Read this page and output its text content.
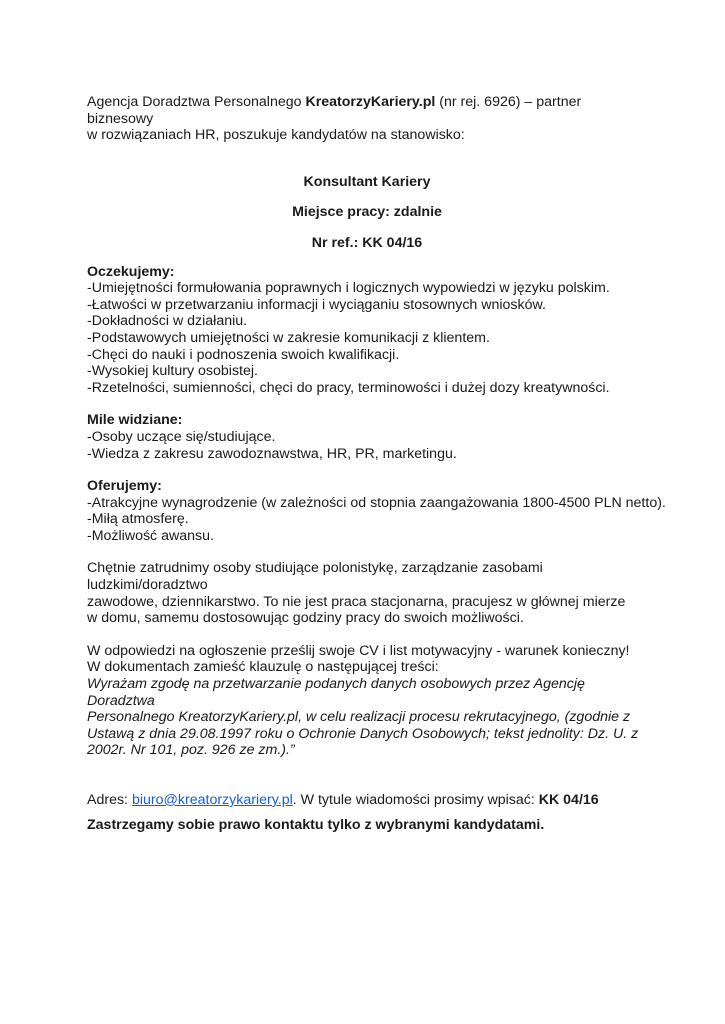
Agencja Doradztwa Personalnego KreatorzyKariery.pl (nr rej. 6926) – partner biznesowy
w rozwiązaniach HR, poszukuje kandydatów na stanowisko:

Konsultant Kariery

Miejsce pracy: zdalnie

Nr ref.: KK 04/16

Oczekujemy:

-Umiejętności formułowania poprawnych i logicznych wypowiedzi w języku polskim.

-Łatwości w przetwarzaniu informacji i wyciąganiu stosownych wniosków.

-Dokładności w działaniu.

-Podstawowych umiejętności w zakresie komunikacji z klientem.

-Chęci do nauki i podnoszenia swoich kwalifikacji.

-Wysokiej kultury osobistej.

-Rzetelności, sumienności, chęci do pracy, terminowości i dużej dozy kreatywności.

Mile widziane:

-Osoby uczące się/studiujące.

-Wiedza z zakresu zawodoznawstwa, HR, PR, marketingu.

Oferujemy:

-Atrakcyjne wynagrodzenie (w zależności od stopnia zaangażowania 1800-4500 PLN netto).

-Miłą atmosferę.

-Możliwość awansu.

Chętnie zatrudnimy osoby studiujące polonistykę, zarządzanie zasobami ludzkimi/doradztwo
zawodowe, dziennikarstwo. To nie jest praca stacjonarna, pracujesz w głównej mierze
w domu, samemu dostosowując godziny pracy do swoich możliwości.

W odpowiedzi na ogłoszenie prześlij swoje CV i list motywacyjny - warunek konieczny!
W dokumentach zamieść klauzulę o następującej treści:
Wyrażam zgodę na przetwarzanie podanych danych osobowych przez Agencję Doradztwa
Personalnego KreatorzyKariery.pl, w celu realizacji procesu rekrutacyjnego, (zgodnie z
Ustawą z dnia 29.08.1997 roku o Ochronie Danych Osobowych; tekst jednolity: Dz. U. z
2002r. Nr 101, poz. 926 ze zm.).”

Adres: biuro@kreatorzykariery.pl. W tytule wiadomości prosimy wpisać: KK 04/16

Zastrzegamy sobie prawo kontaktu tylko z wybranymi kandydatami.
